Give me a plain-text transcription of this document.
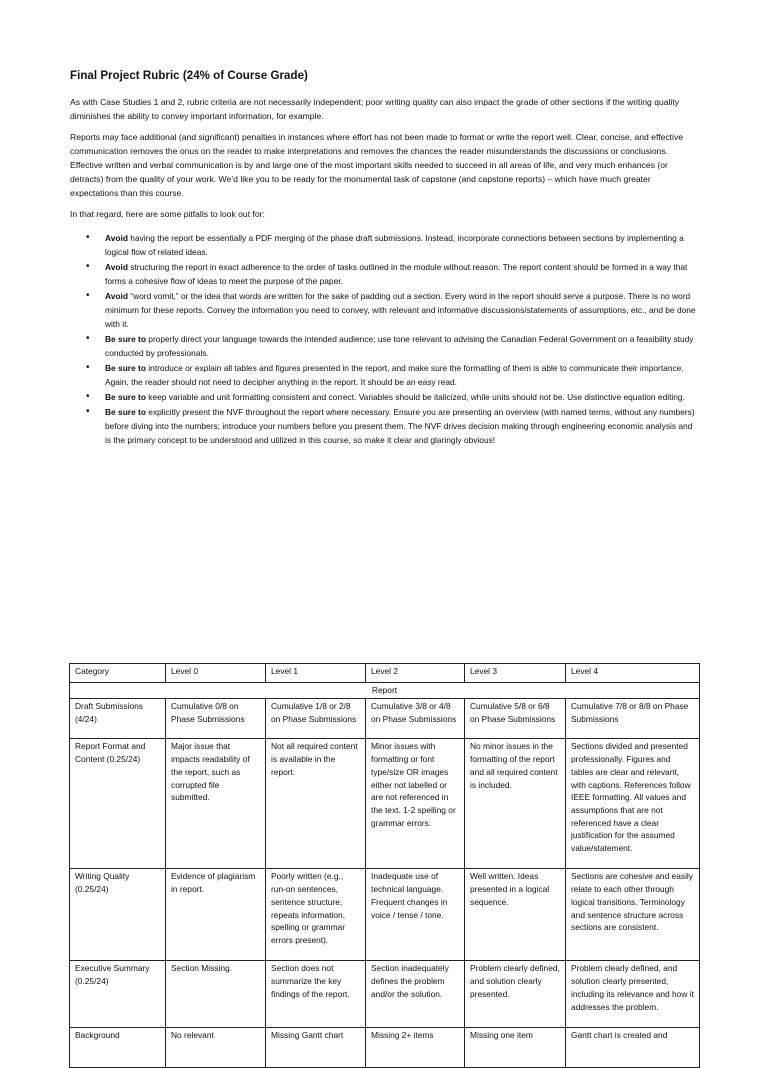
Final Project Rubric (24% of Course Grade)

As with Case Studies 1 and 2, rubric criteria are not necessarily independent; poor writing quality can also impact the grade of other sections if the writing quality diminishes the ability to convey important information, for example.

Reports may face additional (and significant) penalties in instances where effort has not been made to format or write the report well. Clear, concise, and effective communication removes the onus on the reader to make interpretations and removes the chances the reader misunderstands the discussions or conclusions. Effective written and verbal communication is by and large one of the most important skills needed to succeed in all areas of life, and very much enhances (or detracts) from the quality of your work. We’d like you to be ready for the monumental task of capstone (and capstone reports) – which have much greater expectations than this course.

In that regard, here are some pitfalls to look out for:

• Avoid having the report be essentially a PDF merging of the phase draft submissions. Instead, incorporate connections between sections by implementing a logical flow of related ideas.
• Avoid structuring the report in exact adherence to the order of tasks outlined in the module without reason. The report content should be formed in a way that forms a cohesive flow of ideas to meet the purpose of the paper.
• Avoid “word vomit,” or the idea that words are written for the sake of padding out a section. Every word in the report should serve a purpose. There is no word minimum for these reports. Convey the information you need to convey, with relevant and informative discussions/statements of assumptions, etc., and be done with it.
• Be sure to properly direct your language towards the intended audience; use tone relevant to advising the Canadian Federal Government on a feasibility study conducted by professionals.
• Be sure to introduce or explain all tables and figures presented in the report, and make sure the formatting of them is able to communicate their importance. Again, the reader should not need to decipher anything in the report. It should be an easy read.
• Be sure to keep variable and unit formatting consistent and correct. Variables should be italicized, while units should not be. Use distinctive equation editing.
• Be sure to explicitly present the NVF throughout the report where necessary. Ensure you are presenting an overview (with named terms, without any numbers) before diving into the numbers; introduce your numbers before you present them. The NVF drives decision making through engineering economic analysis and is the primary concept to be understood and utilized in this course, so make it clear and glaringly obvious!
Category	Level 0	Level 1	Level 2	Level 3	Level 4
Report					
Draft Submissions (4/24)	Cumulative 0/8 on Phase Submissions	Cumulative 1/8 or 2/8 on Phase Submissions	Cumulative 3/8 or 4/8 on Phase Submissions	Cumulative 5/8 or 6/8 on Phase Submissions	Cumulative 7/8 or 8/8 on Phase Submissions
Report Format and Content (0.25/24)	Major issue that impacts readability of the report, such as corrupted file submitted.	Not all required content is available in the report.	Minor issues with formatting or font type/size OR images either not labelled or are not referenced in the text. 1-2 spelling or grammar errors.	No minor issues in the formatting of the report and all required content is included.	Sections divided and presented professionally. Figures and tables are clear and relevant, with captions. References follow IEEE formatting. All values and assumptions that are not referenced have a clear justification for the assumed value/statement.
Writing Quality (0.25/24)	Evidence of plagiarism in report.	Poorly written (e.g., run-on sentences, sentence structure, repeats information, spelling or grammar errors present).	Inadequate use of technical language. Frequent changes in voice / tense / tone.	Well written. Ideas presented in a logical sequence.	Sections are cohesive and easily relate to each other through logical transitions. Terminology and sentence structure across sections are consistent.
Executive Summary (0.25/24)	Section Missing.	Section does not summarize the key findings of the report.	Section inadequately defines the problem and/or the solution.	Problem clearly defined, and solution clearly presented.	Problem clearly defined, and solution clearly presented, including its relevance and how it addresses the problem.
Background	No relevant	Missing Gantt chart	Missing 2+ items	Missing one item	Gantt chart is created and
